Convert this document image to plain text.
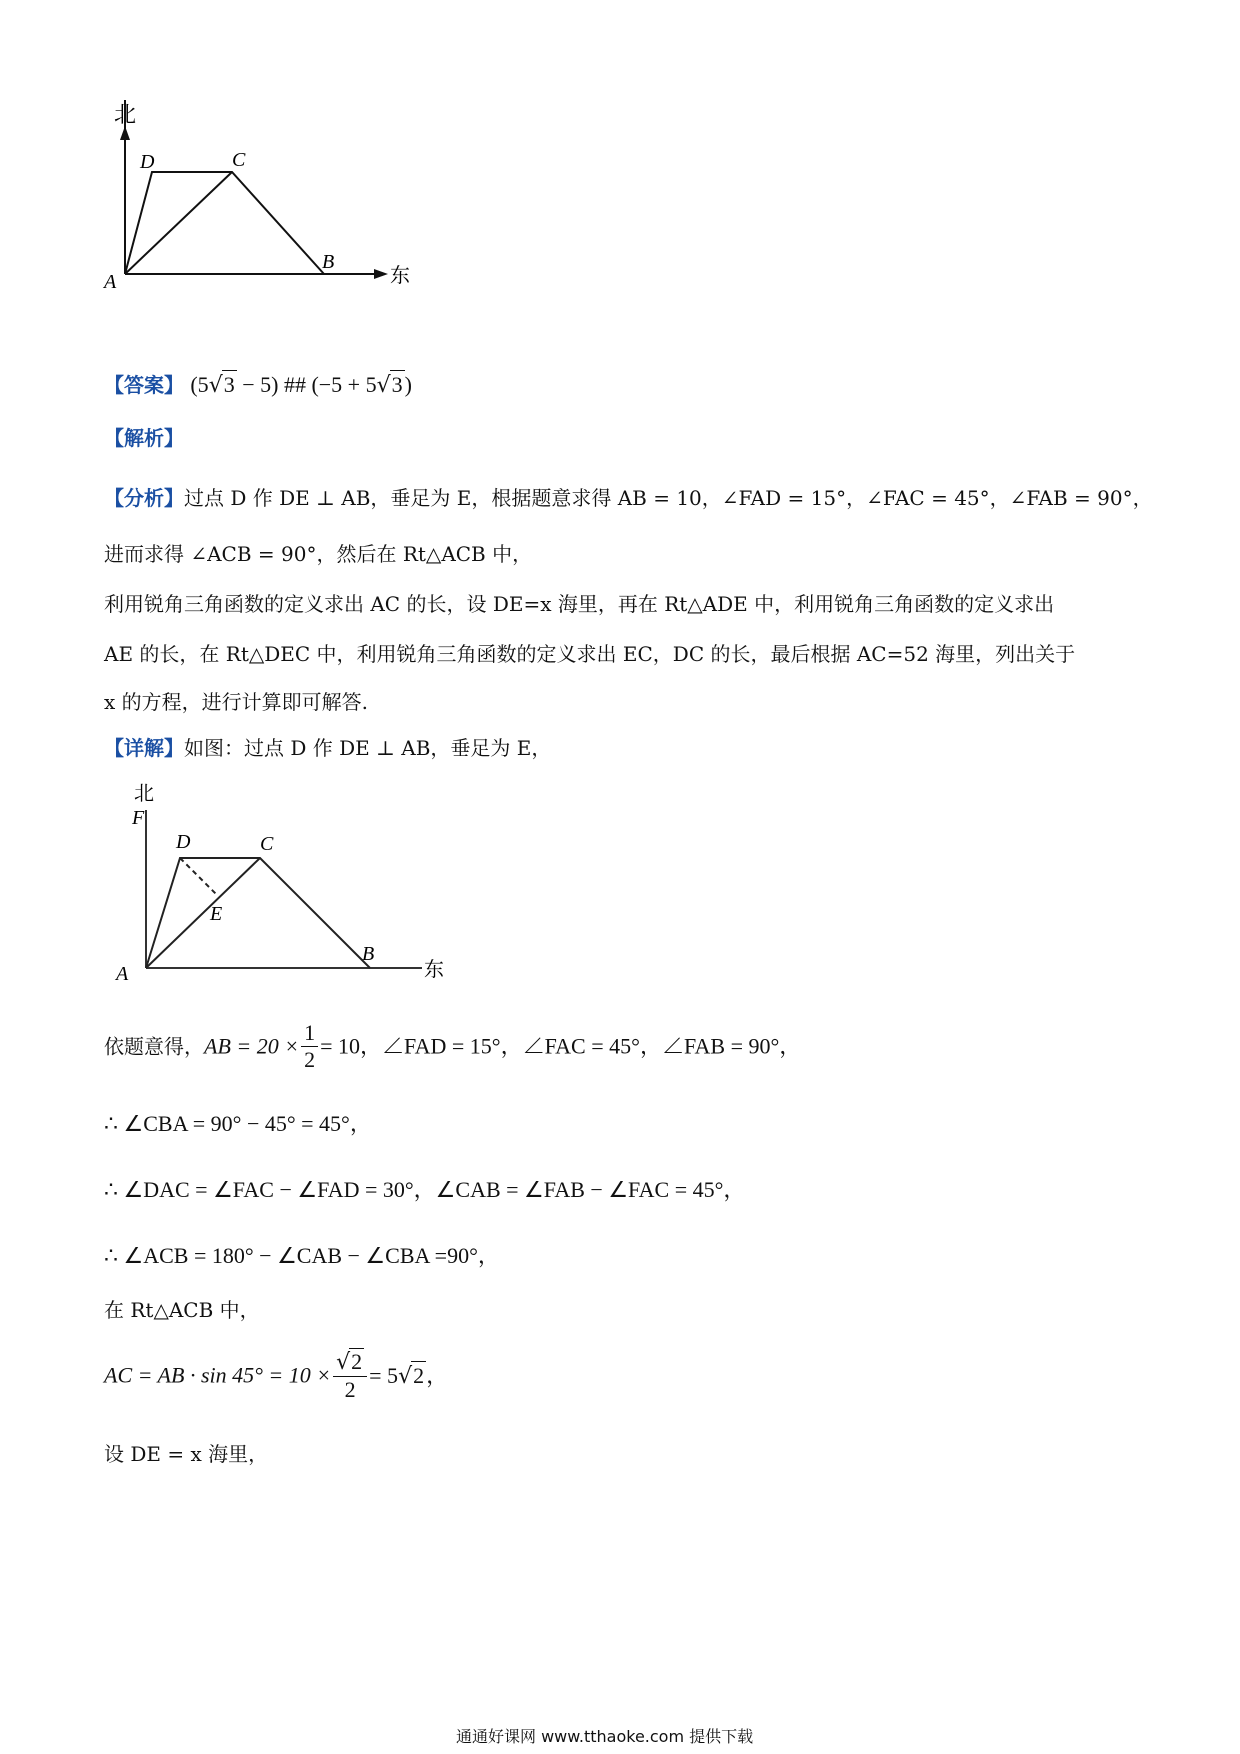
北
东
A
B
C
D
【答案】 (5√3 − 5) ## (−5 + 5√3)
【解析】
【分析】过点 D 作 DE ⊥ AB，垂足为 E，根据题意求得 AB = 10，∠FAD = 15°，∠FAC = 45°，∠FAB = 90°，
进而求得 ∠ACB = 90°，然后在 Rt△ACB 中，
利用锐角三角函数的定义求出 AC 的长，设 DE=x 海里，再在 Rt△ADE 中，利用锐角三角函数的定义求出
AE 的长，在 Rt△DEC 中，利用锐角三角函数的定义求出 EC，DC 的长，最后根据 AC=52 海里，列出关于
x 的方程，进行计算即可解答.
【详解】如图：过点 D 作 DE ⊥ AB，垂足为 E，
北
F
东
A
B
C
D
E
依题意得，AB = $20 \times \frac{1}{2} = 10$，∠FAD = 15°，∠FAC = 45°，∠FAB = 90°，
∴ ∠CBA = 90° − 45° = 45°，
∴ ∠DAC = ∠FAC − ∠FAD = 30°，∠CAB = ∠FAB − ∠FAC = 45°，
∴ ∠ACB = 180° − ∠CAB − ∠CBA =90°，
在 Rt△ACB 中，
AC = AB · $\sin 45^\circ = 10 \times \frac{√2}{2} = 5√2$，
设 DE = x 海里，
通通好课网 www.tthaoke.com 提供下载
